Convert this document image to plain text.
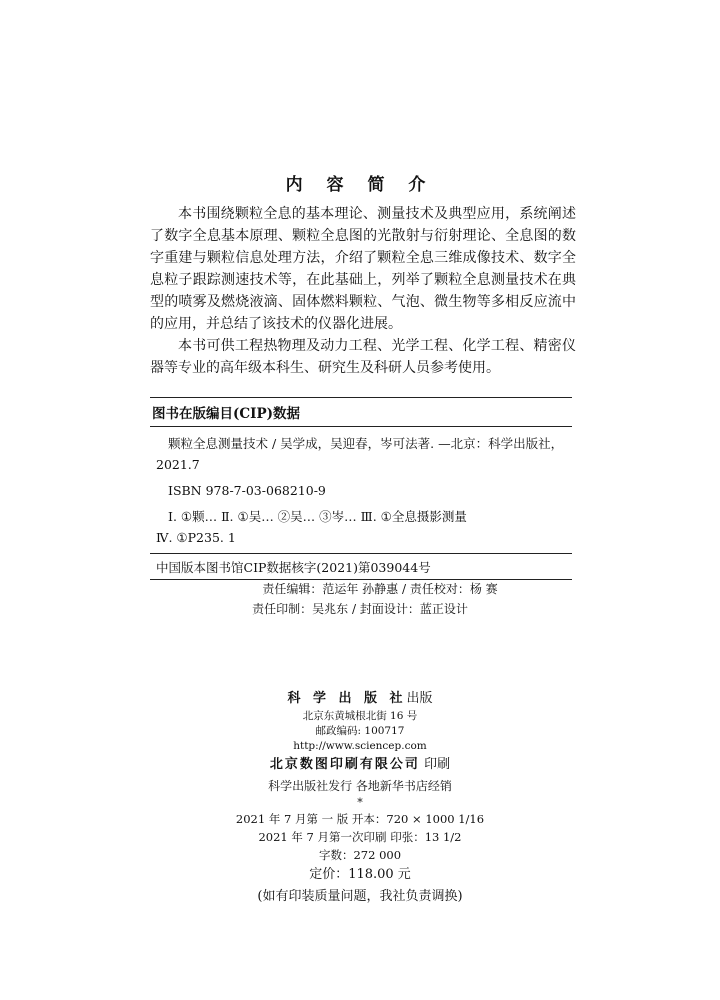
内 容 简 介

本书围绕颗粒全息的基本理论、测量技术及典型应用，系统阐述了数字全息基本原理、颗粒全息图的光散射与衍射理论、全息图的数字重建与颗粒信息处理方法，介绍了颗粒全息三维成像技术、数字全息粒子跟踪测速技术等，在此基础上，列举了颗粒全息测量技术在典型的喷雾及燃烧液滴、固体燃料颗粒、气泡、微生物等多相反应流中的应用，并总结了该技术的仪器化进展。

本书可供工程热物理及动力工程、光学工程、化学工程、精密仪器等专业的高年级本科生、研究生及科研人员参考使用。

图书在版编目(CIP)数据
颗粒全息测量技术 / 吴学成，吴迎春，岑可法著. —北京：科学出版社，
2021.7
ISBN 978-7-03-068210-9
Ⅰ. ①颗… Ⅱ. ①吴… ②吴… ③岑… Ⅲ. ①全息摄影测量
Ⅳ. ①P235. 1
中国版本图书馆CIP数据核字(2021)第039044号
责任编辑：范运年 孙静惠 / 责任校对：杨 赛
责任印制：吴兆东 / 封面设计：蓝正设计
科 学 出 版 社出版
北京东黄城根北街 16 号
邮政编码: 100717
http://www.sciencep.com
北京数图印刷有限公司 印刷
科学出版社发行 各地新华书店经销
*
2021 年 7 月第 一 版 开本：720 × 1000 1/16
2021 年 7 月第一次印刷 印张：13 1/2
字数：272 000
定价：118.00 元
(如有印装质量问题，我社负责调换)
